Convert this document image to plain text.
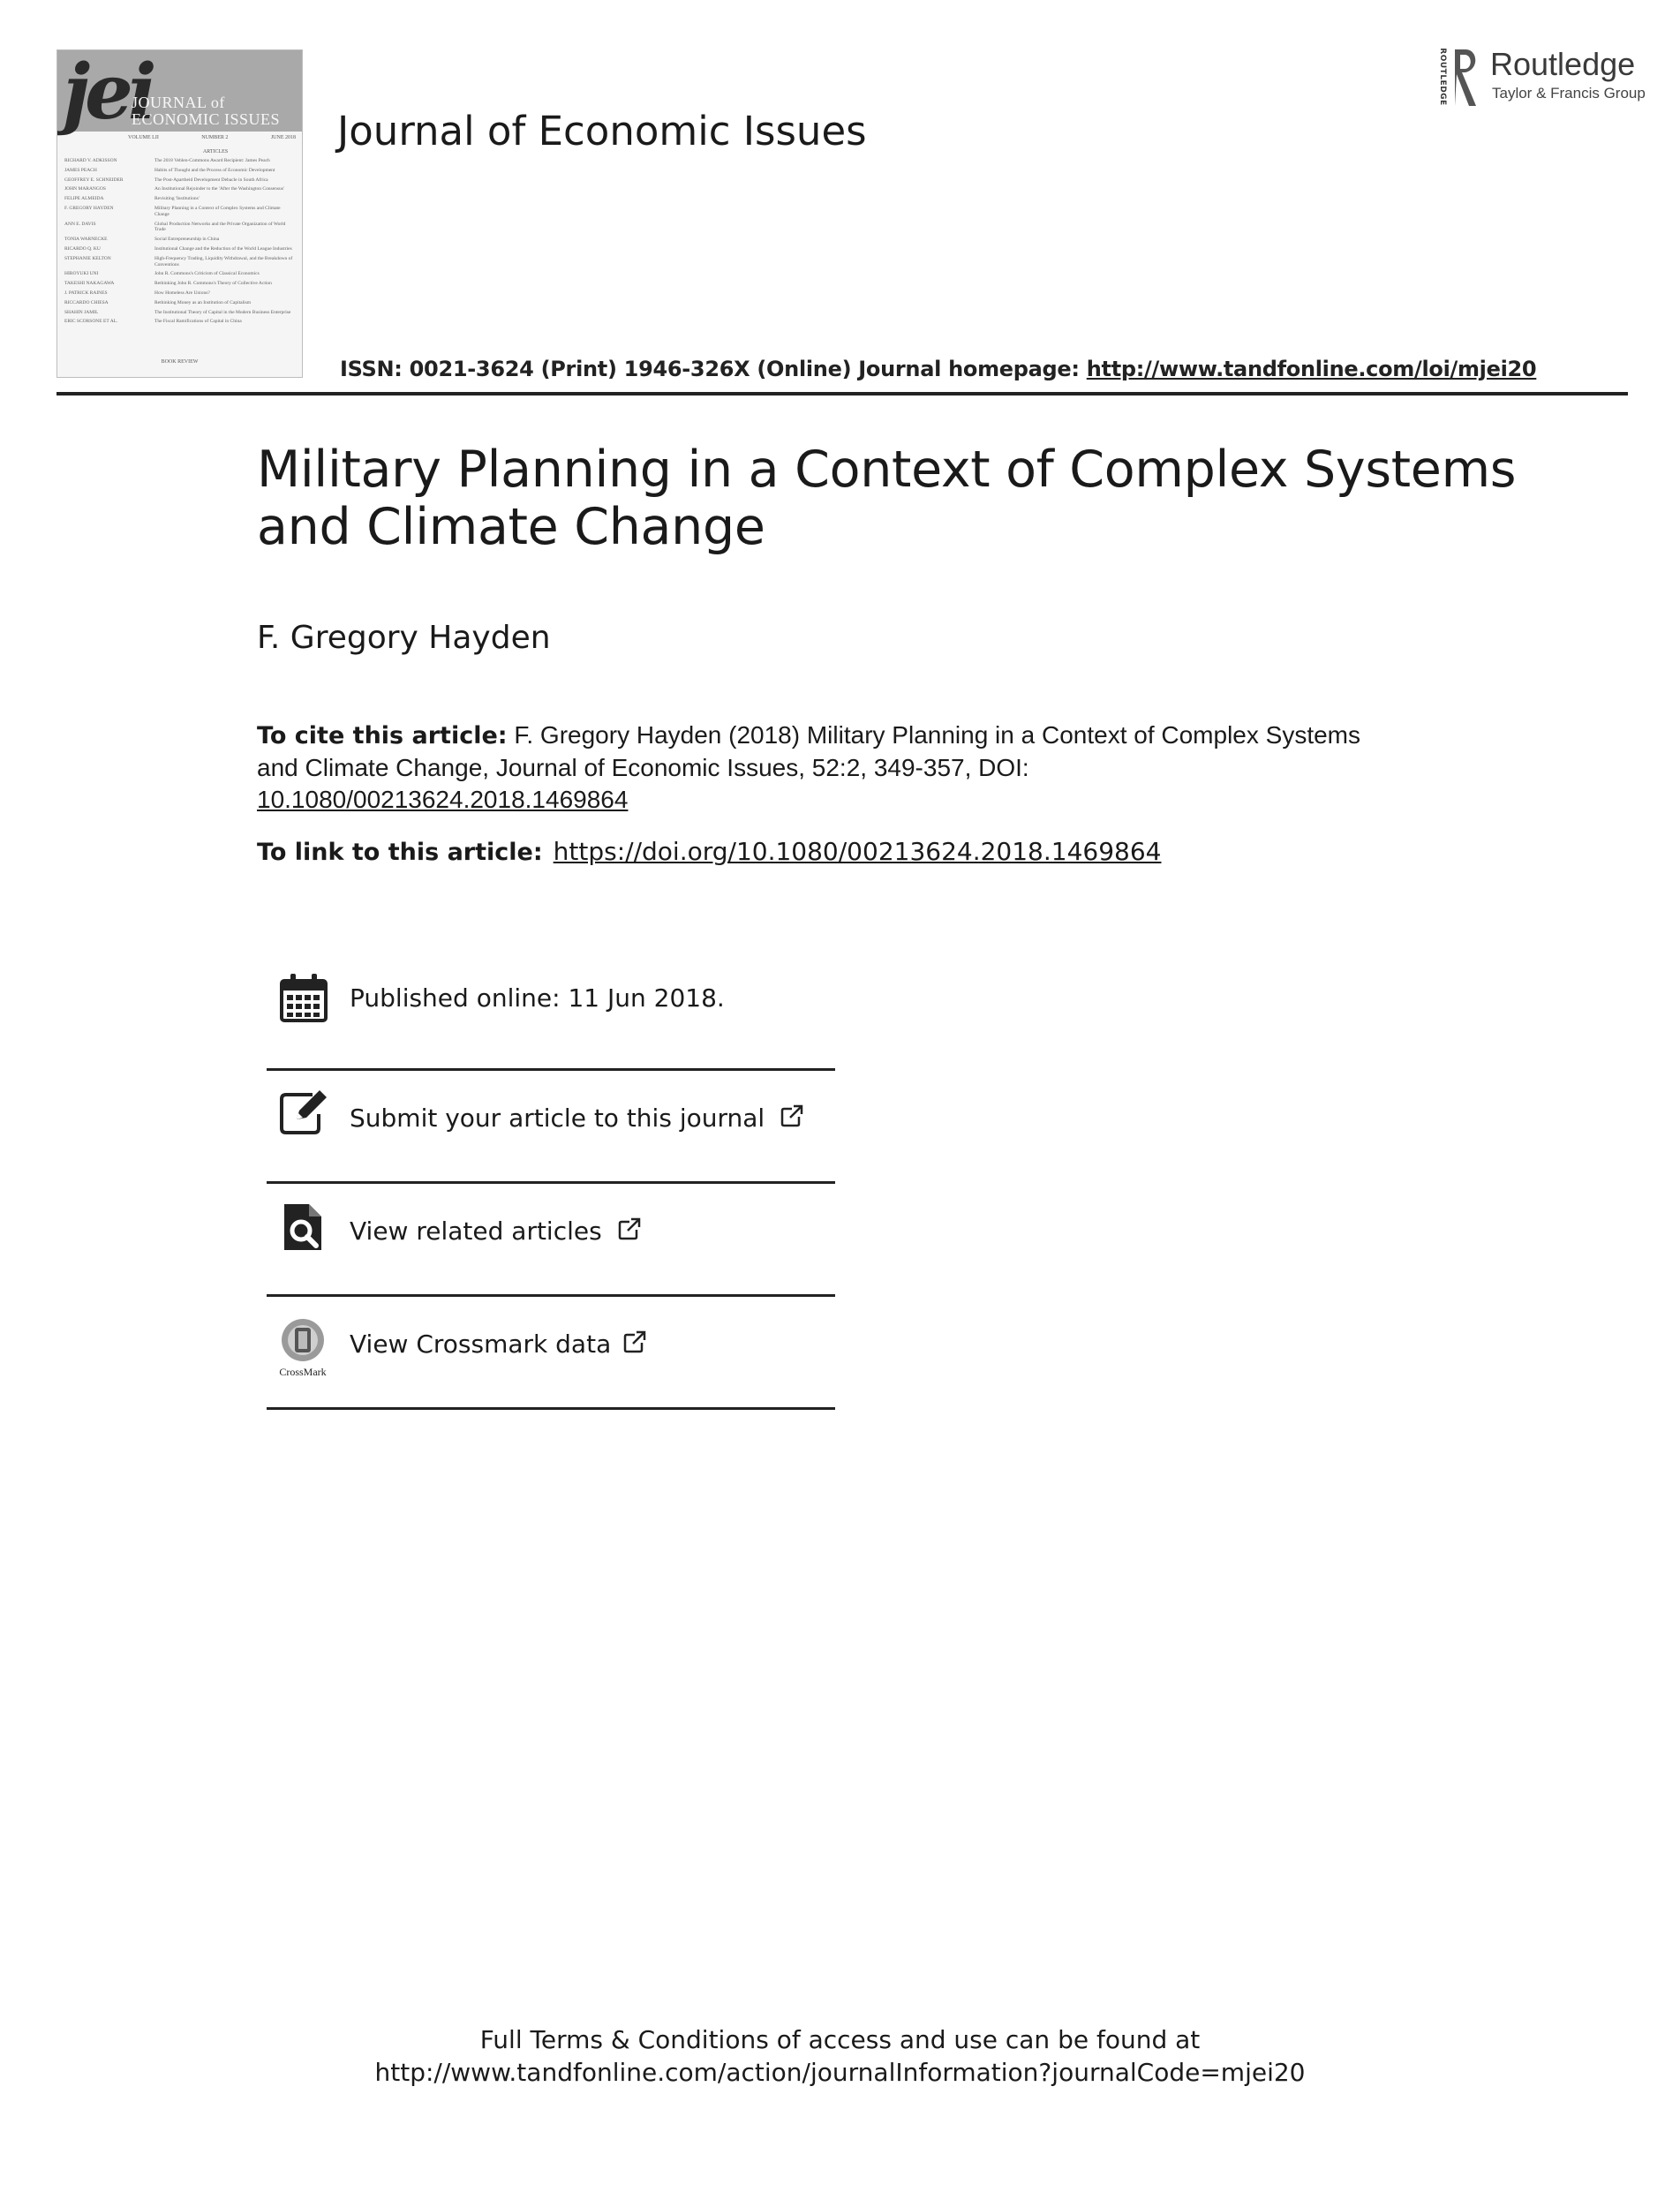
jei
JOURNAL of
ECONOMIC ISSUES
VOLUME LII	NUMBER 2	JUNE 2018
ARTICLES
RICHARD V. ADKISSON	The 2018 Veblen-Commons Award Recipient: James Peach
JAMES PEACH	Habits of Thought and the Process of Economic Development
GEOFFREY E. SCHNEIDER	The Post-Apartheid Development Debacle in South Africa
JOHN MARANGOS	An Institutional Rejoinder to the 'After the Washington Consensus'
FELIPE ALMEIDA	Revisiting 'Institutions'
F. GREGORY HAYDEN	Military Planning in a Context of Complex Systems and Climate Change
ANN E. DAVIS	Global Production Networks and the Private Organization of World Trade
TONIA WARNECKE	Social Entrepreneurship in China
RICARDO Q. KU	Institutional Change and the Reduction of the World League Industries
STEPHANIE KELTON	High-Frequency Trading, Liquidity Withdrawal, and the Breakdown of Conventions
HIROYUKI UNI	John R. Commons's Criticism of Classical Economics
TAKESHI NAKAGAWA	Rethinking John R. Commons's Theory of Collective Action
J. PATRICK RAINES	How Homeless Are Unions?
RICCARDO CHIESA	Rethinking Money as an Institution of Capitalism
SHAHIN JAMIL	The Institutional Theory of Capital in the Modern Business Enterprise
ERIC SCORSONE ET AL.	The Fiscal Ramifications of Capital in China
BOOK REVIEW
Journal of Economic Issues
ISSN: 0021-3624 (Print) 1946-326X (Online) Journal homepage: http://www.tandfonline.com/loi/mjei20
ROUTLEDGE Routledge
Taylor & Francis Group
Military Planning in a Context of Complex Systems and Climate Change
F. Gregory Hayden
To cite this article: F. Gregory Hayden (2018) Military Planning in a Context of Complex Systems and Climate Change, Journal of Economic Issues, 52:2, 349-357, DOI:
10.1080/00213624.2018.1469864
To link to this article: https://doi.org/10.1080/00213624.2018.1469864
Published online: 11 Jun 2018.
Submit your article to this journal
View related articles
CrossMark
View Crossmark data
Full Terms & Conditions of access and use can be found at
http://www.tandfonline.com/action/journalInformation?journalCode=mjei20
